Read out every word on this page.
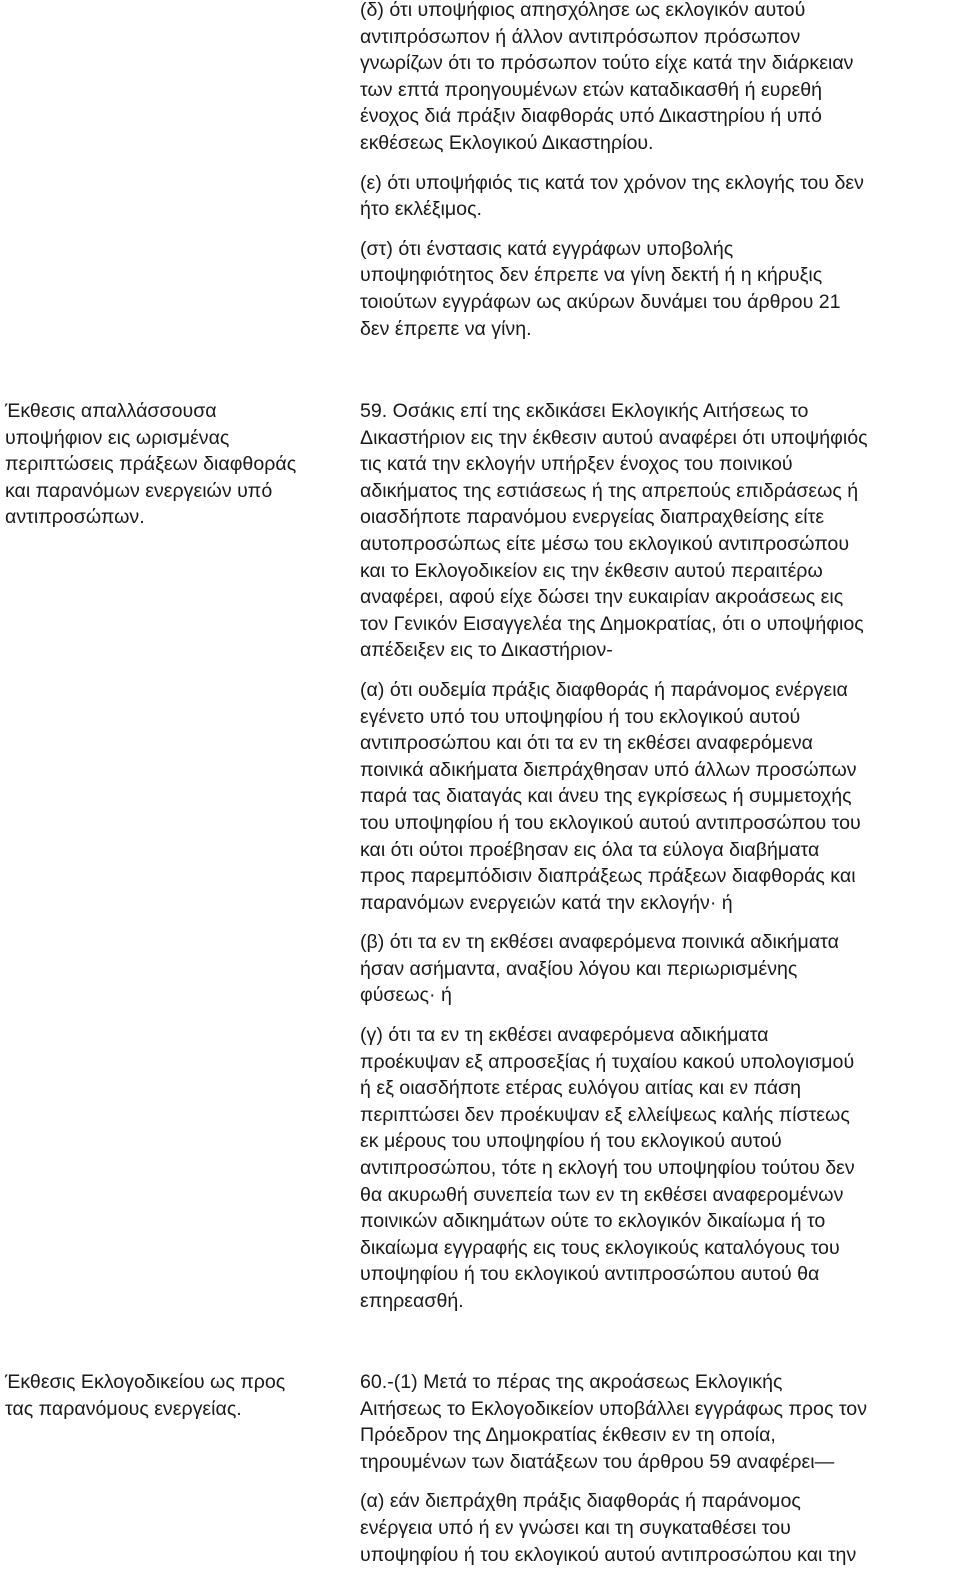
(δ) ότι υποψήφιος απησχόλησε ως εκλογικόν αυτού
αντιπρόσωπον ή άλλον αντιπρόσωπον πρόσωπον
γνωρίζων ότι το πρόσωπον τούτο είχε κατά την διάρκειαν
των επτά προηγουμένων ετών καταδικασθή ή ευρεθή
ένοχος διά πράξιν διαφθοράς υπό Δικαστηρίου ή υπό
εκθέσεως Εκλογικού Δικαστηρίου.

(ε) ότι υποψήφιός τις κατά τον χρόνον της εκλογής του δεν
ήτο εκλέξιμος.

(στ) ότι ένστασις κατά εγγράφων υποβολής
υποψηφιότητος δεν έπρεπε να γίνη δεκτή ή η κήρυξις
τοιούτων εγγράφων ως ακύρων δυνάμει του άρθρου 21
δεν έπρεπε να γίνη.

Έκθεσις απαλλάσσουσα
υποψήφιον εις ωρισμένας
περιπτώσεις πράξεων διαφθοράς
και παρανόμων ενεργειών υπό
αντιπροσώπων.

59. Οσάκις επί της εκδικάσει Εκλογικής Αιτήσεως το
Δικαστήριον εις την έκθεσιν αυτού αναφέρει ότι υποψήφιός
τις κατά την εκλογήν υπήρξεν ένοχος του ποινικού
αδικήματος της εστιάσεως ή της απρεπούς επιδράσεως ή
οιασδήποτε παρανόμου ενεργείας διαπραχθείσης είτε
αυτοπροσώπως είτε μέσω του εκλογικού αντιπροσώπου
και το Εκλογοδικείον εις την έκθεσιν αυτού περαιτέρω
αναφέρει, αφού είχε δώσει την ευκαιρίαν ακροάσεως εις
τον Γενικόν Εισαγγελέα της Δημοκρατίας, ότι ο υποψήφιος
απέδειξεν εις το Δικαστήριον-

(α) ότι ουδεμία πράξις διαφθοράς ή παράνομος ενέργεια
εγένετο υπό του υποψηφίου ή του εκλογικού αυτού
αντιπροσώπου και ότι τα εν τη εκθέσει αναφερόμενα
ποινικά αδικήματα διεπράχθησαν υπό άλλων προσώπων
παρά τας διαταγάς και άνευ της εγκρίσεως ή συμμετοχής
του υποψηφίου ή του εκλογικού αυτού αντιπροσώπου του
και ότι ούτοι προέβησαν εις όλα τα εύλογα διαβήματα
προς παρεμπόδισιν διαπράξεως πράξεων διαφθοράς και
παρανόμων ενεργειών κατά την εκλογήν· ή

(β) ότι τα εν τη εκθέσει αναφερόμενα ποινικά αδικήματα
ήσαν ασήμαντα, αναξίου λόγου και περιωρισμένης
φύσεως· ή

(γ) ότι τα εν τη εκθέσει αναφερόμενα αδικήματα
προέκυψαν εξ απροσεξίας ή τυχαίου κακού υπολογισμού
ή εξ οιασδήποτε ετέρας ευλόγου αιτίας και εν πάση
περιπτώσει δεν προέκυψαν εξ ελλείψεως καλής πίστεως
εκ μέρους του υποψηφίου ή του εκλογικού αυτού
αντιπροσώπου, τότε η εκλογή του υποψηφίου τούτου δεν
θα ακυρωθή συνεπεία των εν τη εκθέσει αναφερομένων
ποινικών αδικημάτων ούτε το εκλογικόν δικαίωμα ή το
δικαίωμα εγγραφής εις τους εκλογικούς καταλόγους του
υποψηφίου ή του εκλογικού αντιπροσώπου αυτού θα
επηρεασθή.

Έκθεσις Εκλογοδικείου ως προς
τας παρανόμους ενεργείας.

60.-(1) Μετά το πέρας της ακροάσεως Εκλογικής
Αιτήσεως το Εκλογοδικείον υποβάλλει εγγράφως προς τον
Πρόεδρον της Δημοκρατίας έκθεσιν εν τη οποία,
τηρουμένων των διατάξεων του άρθρου 59 αναφέρει—

(α) εάν διεπράχθη πράξις διαφθοράς ή παράνομος
ενέργεια υπό ή εν γνώσει και τη συγκαταθέσει του
υποψηφίου ή του εκλογικού αυτού αντιπροσώπου και την
